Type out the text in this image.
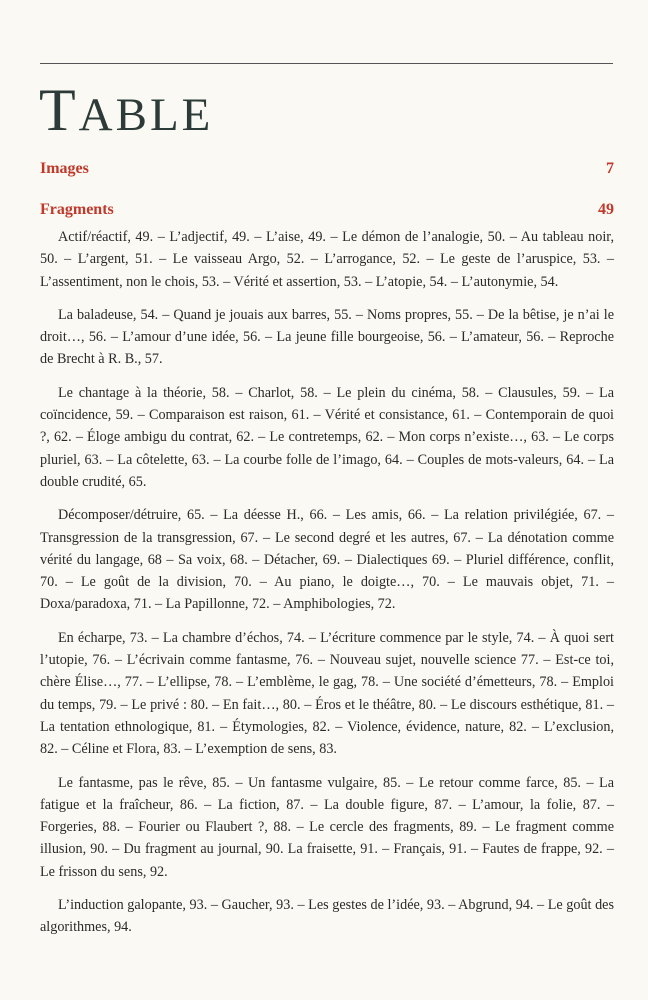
TABLE
Images	7
Fragments	49

Actif/réactif, 49. – L’adjectif, 49. – L’aise, 49. – Le démon de l’analogie, 50. – Au tableau noir, 50. – L’argent, 51. – Le vaisseau Argo, 52. – L’arrogance, 52. – Le geste de l’aruspice, 53. – L’assentiment, non le chois, 53. – Vérité et assertion, 53. – L’atopie, 54. – L’autonymie, 54.

La baladeuse, 54. – Quand je jouais aux barres, 55. – Noms propres, 55. – De la bêtise, je n’ai le droit…, 56. – L’amour d’une idée, 56. – La jeune fille bourgeoise, 56. – L’amateur, 56. – Reproche de Brecht à R. B., 57.

Le chantage à la théorie, 58. – Charlot, 58. – Le plein du cinéma, 58. – Clausules, 59. – La coïncidence, 59. – Comparaison est raison, 61. – Vérité et consistance, 61. – Contemporain de quoi ?, 62. – Éloge ambigu du contrat, 62. – Le contretemps, 62. – Mon corps n’existe…, 63. – Le corps pluriel, 63. – La côtelette, 63. – La courbe folle de l’imago, 64. – Couples de mots-valeurs, 64. – La double crudité, 65.

Décomposer/détruire, 65. – La déesse H., 66. – Les amis, 66. – La relation privilégiée, 67. – Transgression de la transgression, 67. – Le second degré et les autres, 67. – La dénotation comme vérité du langage, 68 – Sa voix, 68. – Détacher, 69. – Dialectiques 69. – Pluriel différence, conflit, 70. – Le goût de la division, 70. – Au piano, le doigte…, 70. – Le mauvais objet, 71. – Doxa/paradoxa, 71. – La Papillonne, 72. – Amphibologies, 72.

En écharpe, 73. – La chambre d’échos, 74. – L’écriture commence par le style, 74. – À quoi sert l’utopie, 76. – L’écrivain comme fantasme, 76. – Nouveau sujet, nouvelle science 77. – Est-ce toi, chère Élise…, 77. – L’ellipse, 78. – L’emblème, le gag, 78. – Une société d’émetteurs, 78. – Emploi du temps, 79. – Le privé : 80. – En fait…, 80. – Éros et le théâtre, 80. – Le discours esthétique, 81. – La tentation ethnologique, 81. – Étymologies, 82. – Violence, évidence, nature, 82. – L’exclusion, 82. – Céline et Flora, 83. – L’exemption de sens, 83.

Le fantasme, pas le rêve, 85. – Un fantasme vulgaire, 85. – Le retour comme farce, 85. – La fatigue et la fraîcheur, 86. – La fiction, 87. – La double figure, 87. – L’amour, la folie, 87. – Forgeries, 88. – Fourier ou Flaubert ?, 88. – Le cercle des fragments, 89. – Le fragment comme illusion, 90. – Du fragment au journal, 90. La fraisette, 91. – Français, 91. – Fautes de frappe, 92. – Le frisson du sens, 92.

L’induction galopante, 93. – Gaucher, 93. – Les gestes de l’idée, 93. – Abgrund, 94. – Le goût des algorithmes, 94.
